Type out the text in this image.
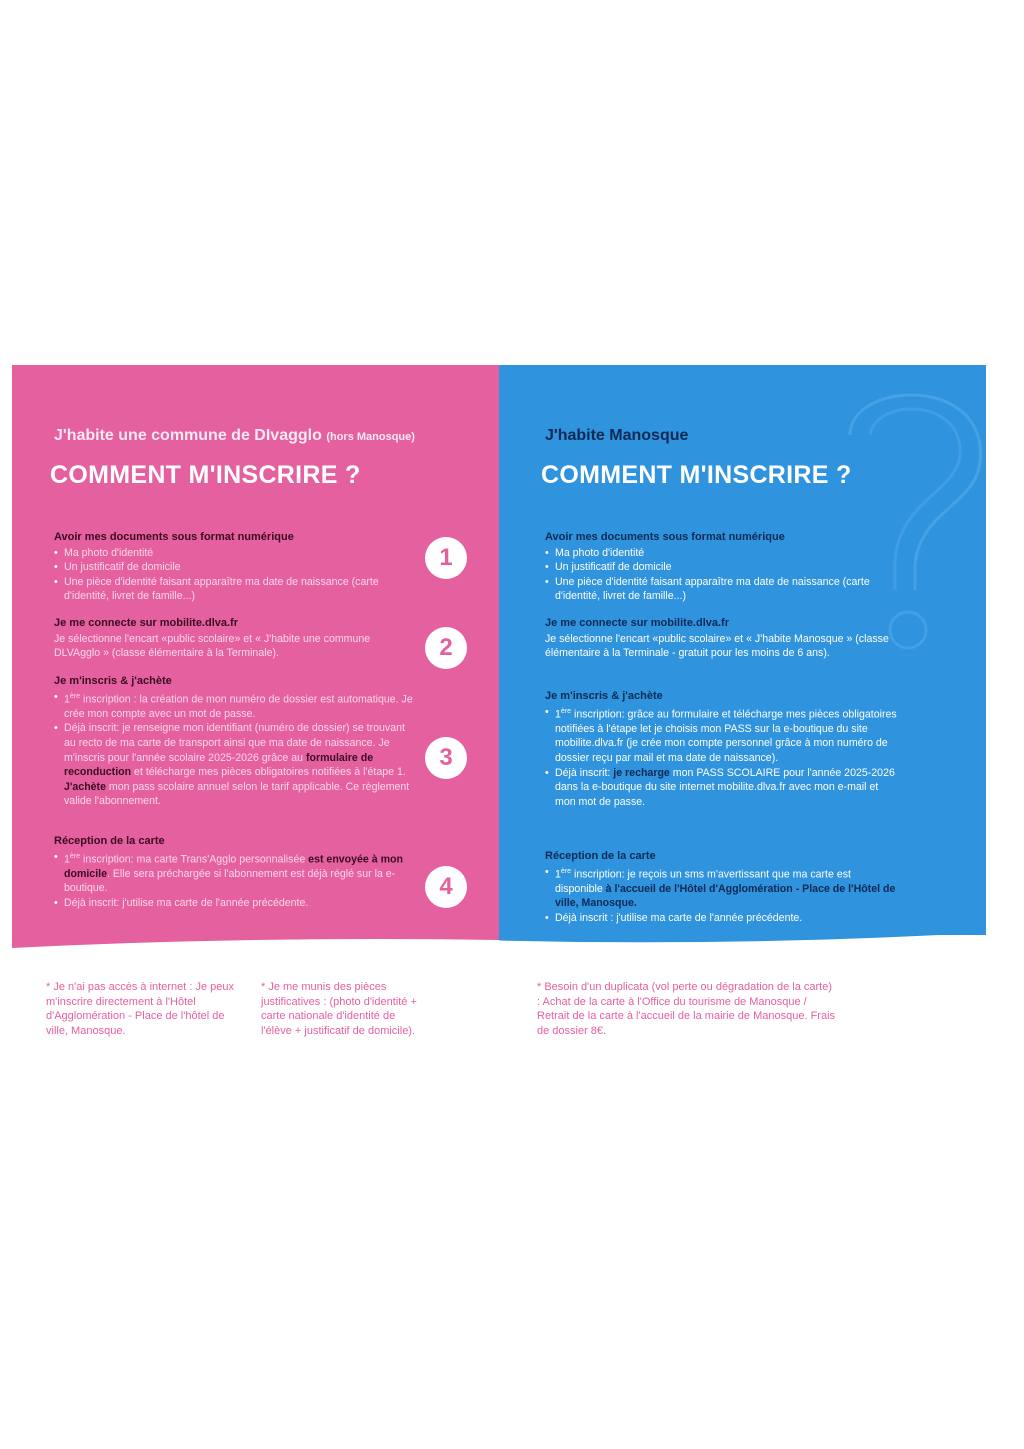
J'habite une commune de DIvagglo (hors Manosque)
COMMENT M'INSCRIRE ?
Avoir mes documents sous format numérique
• Ma photo d'identité
• Un justificatif de domicile
• Une pièce d'identité faisant apparaître ma date de naissance (carte d'identité, livret de famille...)
Je me connecte sur mobilite.dlva.fr

Je sélectionne l'encart «public scolaire» et « J'habite une commune DLVAgglo » (classe élémentaire à la Terminale).

Je m'inscris & j'achète
• 1ère inscription : la création de mon numéro de dossier est automatique. Je crée mon compte avec un mot de passe.
• Déjà inscrit: je renseigne mon identifiant (numéro de dossier) se trouvant au recto de ma carte de transport ainsi que ma date de naissance. Je m'inscris pour l'année scolaire 2025-2026 grâce au formulaire de reconduction et télécharge mes pièces obligatoires notifiées à l'étape 1.

J'achète mon pass scolaire annuel selon le tarif applicable. Ce règlement valide l'abonnement.

Réception de la carte
• 1ère inscription: ma carte Trans'Agglo personnalisée est envoyée à mon domicile. Elle sera préchargée si l'abonnement est déjà réglé sur la e-boutique.
• Déjà inscrit: j'utilise ma carte de l'année précédente.
1
2
3
4
J'habite Manosque
COMMENT M'INSCRIRE ?
Avoir mes documents sous format numérique
• Ma photo d'identité
• Un justificatif de domicile
• Une pièce d'identité faisant apparaître ma date de naissance (carte d'identité, livret de famille...)
Je me connecte sur mobilite.dlva.fr

Je sélectionne l'encart «public scolaire» et « J'habite Manosque » (classe élémentaire à la Terminale - gratuit pour les moins de 6 ans).

Je m'inscris & j'achète
• 1ère inscription: grâce au formulaire et télécharge mes pièces obligatoires notifiées à l'étape let je choisis mon PASS sur la e-boutique du site mobilite.dlva.fr (je crée mon compte personnel grâce à mon numéro de dossier reçu par mail et ma date de naissance).
• Déjà inscrit: je recharge mon PASS SCOLAIRE pour l'année 2025-2026 dans la e-boutique du site internet mobilite.dlva.fr avec mon e-mail et mon mot de passe.
Réception de la carte
• 1ère inscription: je reçois un sms m'avertissant que ma carte est disponible à l'accueil de l'Hôtel d'Agglomération - Place de l'Hôtel de ville, Manosque.
• Déjà inscrit : j'utilise ma carte de l'année précédente.
* Je n'ai pas accès à internet : Je peux m'inscrire directement à l'Hôtel d'Agglomération - Place de l'hôtel de ville, Manosque.
* Je me munis des pièces justificatives : (photo d'identité + carte nationale d'identité de l'élève + justificatif de domicile).
* Besoin d'un duplicata (vol perte ou dégradation de la carte) : Achat de la carte à l'Office du tourisme de Manosque / Retrait de la carte à l'accueil de la mairie de Manosque. Frais de dossier 8€.
